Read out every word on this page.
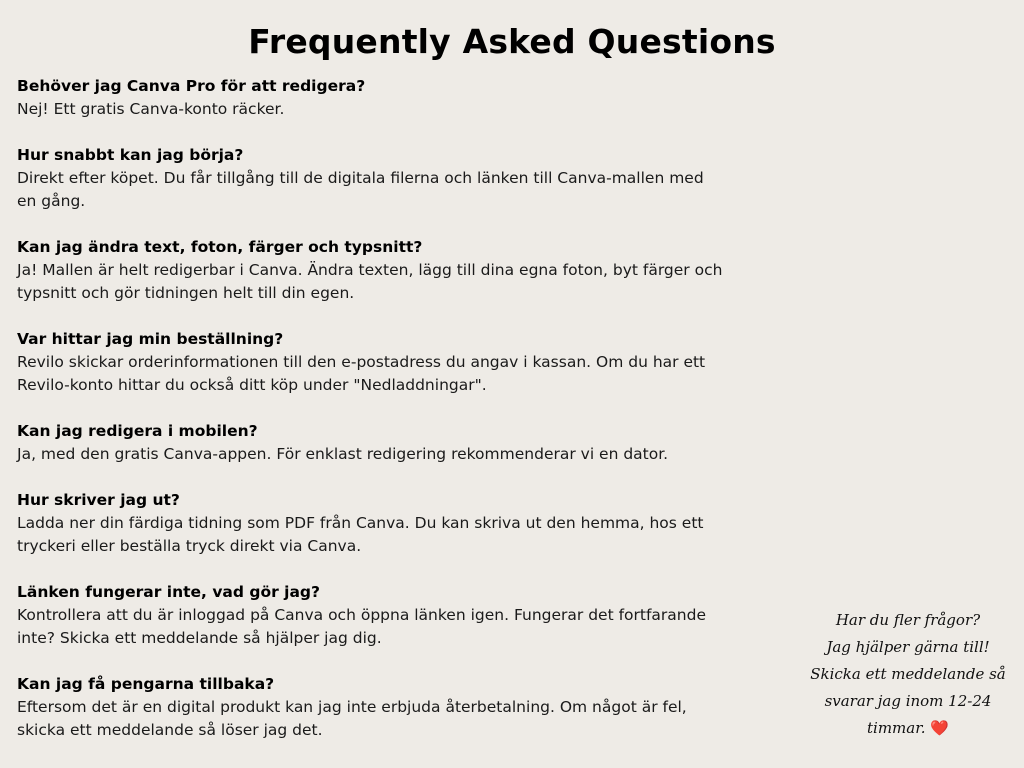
Frequently Asked Questions
Behöver jag Canva Pro för att redigera?
Nej! Ett gratis Canva-konto räcker.
Hur snabbt kan jag börja?
Direkt efter köpet. Du får tillgång till de digitala filerna och länken till Canva-mallen med en gång.
Kan jag ändra text, foton, färger och typsnitt?
Ja! Mallen är helt redigerbar i Canva. Ändra texten, lägg till dina egna foton, byt färger och typsnitt och gör tidningen helt till din egen.
Var hittar jag min beställning?
Revilo skickar orderinformationen till den e-postadress du angav i kassan. Om du har ett Revilo-konto hittar du också ditt köp under "Nedladdningar".
Kan jag redigera i mobilen?
Ja, med den gratis Canva-appen. För enklast redigering rekommenderar vi en dator.
Hur skriver jag ut?
Ladda ner din färdiga tidning som PDF från Canva. Du kan skriva ut den hemma, hos ett tryckeri eller beställa tryck direkt via Canva.
Länken fungerar inte, vad gör jag?
Kontrollera att du är inloggad på Canva och öppna länken igen. Fungerar det fortfarande inte? Skicka ett meddelande så hjälper jag dig.
Kan jag få pengarna tillbaka?
Eftersom det är en digital produkt kan jag inte erbjuda återbetalning. Om något är fel, skicka ett meddelande så löser jag det.
Har du fler frågor?
Jag hjälper gärna till!
Skicka ett meddelande så
svarar jag inom 12-24
timmar. ❤️
